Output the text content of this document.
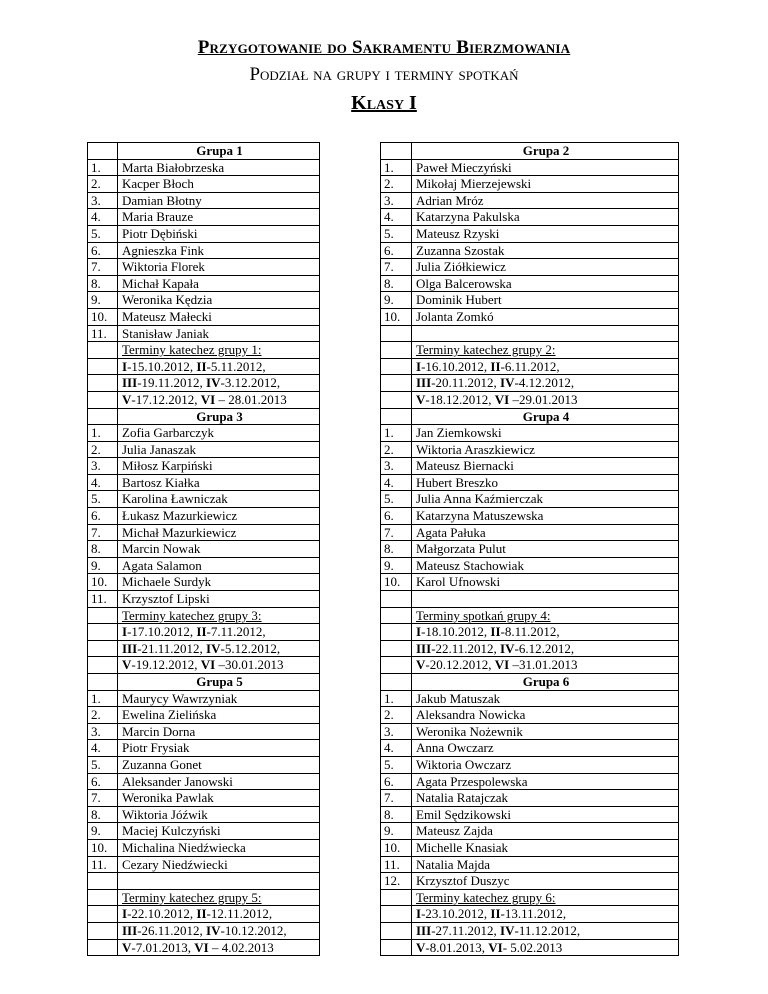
Przygotowanie do Sakramentu Bierzmowania
Podział na grupy i terminy spotkań
Klasy I
	Grupa 1			Grupa 2
1.	Marta Białobrzeska		1.	Paweł Mieczyński
2.	Kacper Błoch		2.	Mikołaj Mierzejewski
3.	Damian Błotny		3.	Adrian Mróz
4.	Maria Brauze		4.	Katarzyna Pakulska
5.	Piotr Dębiński		5.	Mateusz Rzyski
6.	Agnieszka Fink		6.	Zuzanna Szostak
7.	Wiktoria Florek		7.	Julia Ziółkiewicz
8.	Michał Kapała		8.	Olga Balcerowska
9.	Weronika Kędzia		9.	Dominik Hubert
10.	Mateusz Małecki		10.	Jolanta Zomkó
11.	Stanisław Janiak			
	Terminy katechez grupy 1:			Terminy katechez grupy 2:
	I-15.10.2012, II-5.11.2012,			I-16.10.2012, II-6.11.2012,
	III-19.11.2012, IV-3.12.2012,			III-20.11.2012, IV-4.12.2012,
	V-17.12.2012, VI – 28.01.2013			V-18.12.2012, VI –29.01.2013
	Grupa 3			Grupa 4
1.	Zofia Garbarczyk		1.	Jan Ziemkowski
2.	Julia Janaszak		2.	Wiktoria Araszkiewicz
3.	Miłosz Karpiński		3.	Mateusz Biernacki
4.	Bartosz Kiałka		4.	Hubert Breszko
5.	Karolina Ławniczak		5.	Julia Anna Kaźmierczak
6.	Łukasz Mazurkiewicz		6.	Katarzyna Matuszewska
7.	Michał Mazurkiewicz		7.	Agata Pałuka
8.	Marcin Nowak		8.	Małgorzata Pulut
9.	Agata Salamon		9.	Mateusz Stachowiak
10.	Michaele Surdyk		10.	Karol Ufnowski
11.	Krzysztof Lipski			
	Terminy katechez grupy 3:			Terminy spotkań grupy 4:
	I-17.10.2012, II-7.11.2012,			I-18.10.2012, II-8.11.2012,
	III-21.11.2012, IV-5.12.2012,			III-22.11.2012, IV-6.12.2012,
	V-19.12.2012, VI –30.01.2013			V-20.12.2012, VI –31.01.2013
	Grupa 5			Grupa 6
1.	Maurycy Wawrzyniak		1.	Jakub Matuszak
2.	Ewelina Zielińska		2.	Aleksandra Nowicka
3.	Marcin Dorna		3.	Weronika Nożewnik
4.	Piotr Frysiak		4.	Anna Owczarz
5.	Zuzanna Gonet		5.	Wiktoria Owczarz
6.	Aleksander Janowski		6.	Agata Przespolewska
7.	Weronika Pawlak		7.	Natalia Ratajczak
8.	Wiktoria Jóźwik		8.	Emil Sędzikowski
9.	Maciej Kulczyński		9.	Mateusz Zajda
10.	Michalina Niedźwiecka		10.	Michelle Knasiak
11.	Cezary Niedźwiecki		11.	Natalia Majda
			12.	Krzysztof Duszyc
	Terminy katechez grupy 5:			Terminy katechez grupy 6:
	I-22.10.2012, II-12.11.2012,			I-23.10.2012, II-13.11.2012,
	III-26.11.2012, IV-10.12.2012,			III-27.11.2012, IV-11.12.2012,
	V-7.01.2013, VI – 4.02.2013			V-8.01.2013, VI- 5.02.2013
